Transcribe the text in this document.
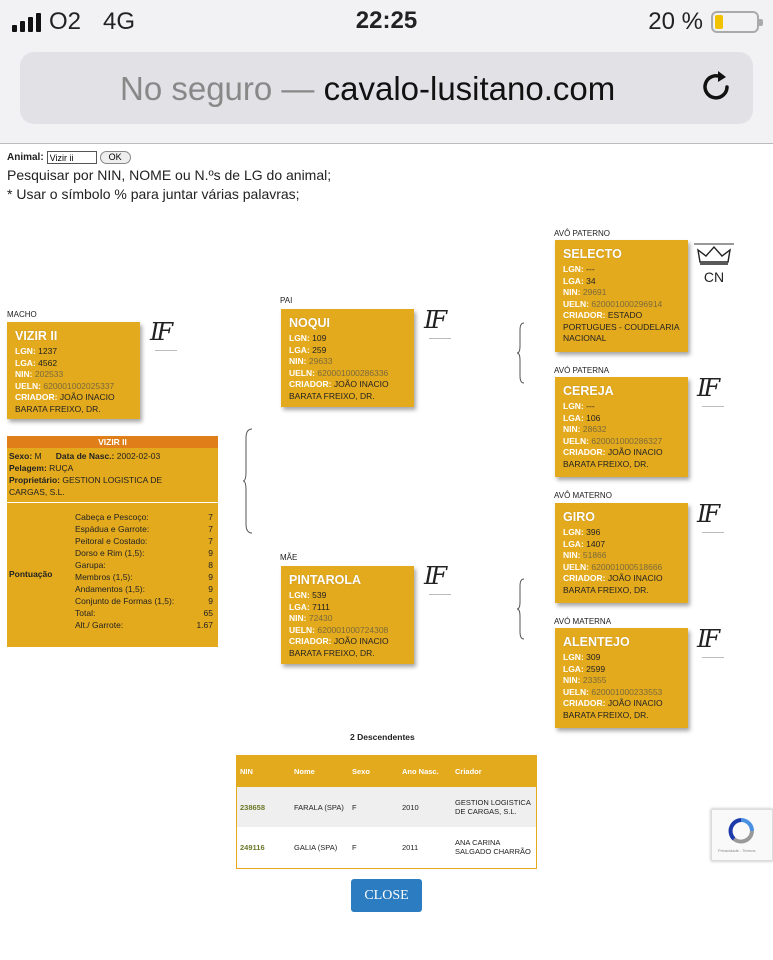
O2 4G	22:25	20 %
No seguro — cavalo-lusitano.com
Animal:
Vizir ii	OK
Pesquisar por NIN, NOME ou N.ºs de LG do animal;
* Usar o símbolo % para juntar várias palavras;
MACHO
PAI
MÃE
AVÔ PATERNO
AVÓ PATERNA
AVÔ MATERNO
AVÓ MATERNA
VIZIR II
LGN: 1237
LGA: 4562
NIN: 202533
UELN: 620001002025337
CRIADOR: JOÃO INACIO BARATA FREIXO, DR.
NOQUI
LGN: 109
LGA: 259
NIN: 29633
UELN: 620001000286336
CRIADOR: JOÃO INACIO BARATA FREIXO, DR.
PINTAROLA
LGN: 539
LGA: 7111
NIN: 72430
UELN: 620001000724308
CRIADOR: JOÃO INACIO BARATA FREIXO, DR.
SELECTO
LGN: ---
LGA: 34
NIN: 29691
UELN: 620001000296914
CRIADOR: ESTADO PORTUGUES - COUDELARIA NACIONAL
CEREJA
LGN: ---
LGA: 106
NIN: 28632
UELN: 620001000286327
CRIADOR: JOÃO INACIO BARATA FREIXO, DR.
GIRO
LGN: 396
LGA: 1407
NIN: 51866
UELN: 620001000518666
CRIADOR: JOÃO INACIO BARATA FREIXO, DR.
ALENTEJO
LGN: 309
LGA: 2599
NIN: 23355
UELN: 620001000233553
CRIADOR: JOÃO INACIO BARATA FREIXO, DR.
IF	IF
IF
IF
IF
IF
CN
VIZIR II
Sexo: M Data de Nasc.: 2002-02-03
Pelagem: RUÇA
Proprietário: GESTION LOGISTICA DE CARGAS, S.L.
Pontuação
Cabeça e Pescoço:	7
Espádua e Garrote:	7
Peitoral e Costado:	7
Dorso e Rim (1,5):	9
Garupa:	8
Membros (1,5):	9
Andamentos (1,5):	9
Conjunto de Formas (1,5):	9
Total:	65
Alt./ Garrote:	1.67
2 Descendentes
NIN	Nome	Sexo	Ano Nasc.	Criador
238658	FARALA (SPA)	F	2010	GESTION LOGISTICA DE CARGAS, S.L.
249116	GALIA (SPA)	F	2011	ANA CARINA SALGADO CHARRÃO
CLOSE
Privacidade - Termos
